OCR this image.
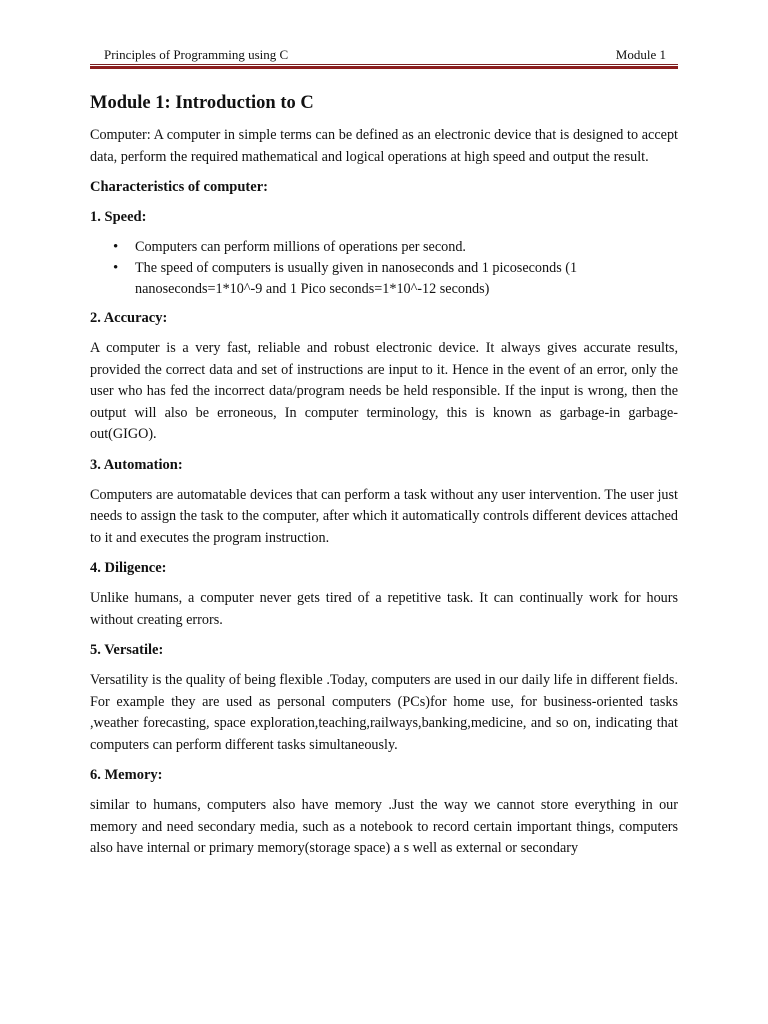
Principles of Programming using C	Module 1
Module 1: Introduction to C

Computer: A computer in simple terms can be defined as an electronic device that is designed to accept data, perform the required mathematical and logical operations at high speed and output the result.

Characteristics of computer:
1. Speed:
• Computers can perform millions of operations per second.
• The speed of computers is usually given in nanoseconds and 1 picoseconds (1 nanoseconds=1*10^-9 and 1 Pico seconds=1*10^-12 seconds)
2. Accuracy:

A computer is a very fast, reliable and robust electronic device. It always gives accurate results, provided the correct data and set of instructions are input to it. Hence in the event of an error, only the user who has fed the incorrect data/program needs be held responsible. If the input is wrong, then the output will also be erroneous, In computer terminology, this is known as garbage-in garbage-out(GIGO).

3. Automation:

Computers are automatable devices that can perform a task without any user intervention. The user just needs to assign the task to the computer, after which it automatically controls different devices attached to it and executes the program instruction.

4. Diligence:

Unlike humans, a computer never gets tired of a repetitive task. It can continually work for hours without creating errors.

5. Versatile:

Versatility is the quality of being flexible .Today, computers are used in our daily life in different fields. For example they are used as personal computers (PCs)for home use, for business-oriented tasks ,weather forecasting, space exploration,teaching,railways,banking,medicine, and so on, indicating that computers can perform different tasks simultaneously.

6. Memory:

similar to humans, computers also have memory .Just the way we cannot store everything in our memory and need secondary media, such as a notebook to record certain important things, computers also have internal or primary memory(storage space) a s well as external or secondary
